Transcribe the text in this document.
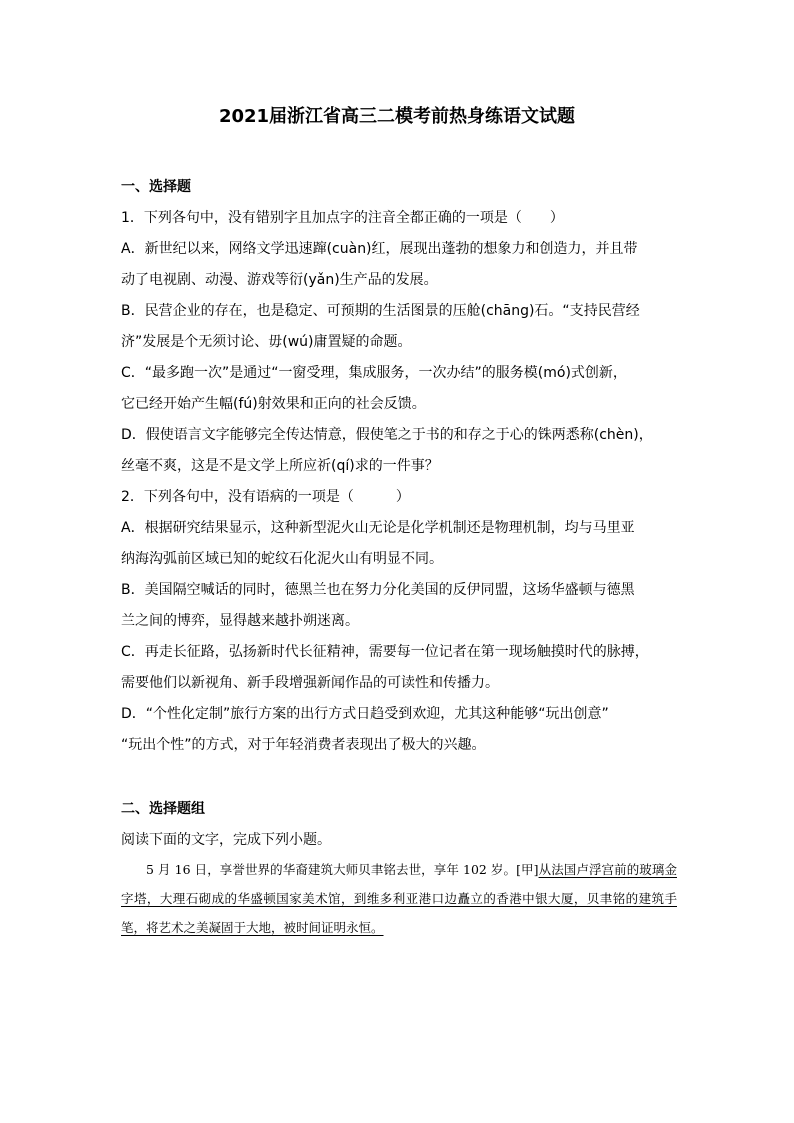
2021届浙江省高三二模考前热身练语文试题
一、选择题
1．下列各句中，没有错别字且加点字的注音全都正确的一项是（　　）
A．新世纪以来，网络文学迅速蹿(cuàn)红，展现出蓬勃的想象力和创造力，并且带
动了电视剧、动漫、游戏等衍(yǎn)生产品的发展。
B．民营企业的存在，也是稳定、可预期的生活图景的压舱(chāng)石。“支持民营经
济”发展是个无须讨论、毋(wú)庸置疑的命题。
C．“最多跑一次”是通过“一窗受理，集成服务，一次办结”的服务模(mó)式创新，
它已经开始产生幅(fú)射效果和正向的社会反馈。
D．假使语言文字能够完全传达情意，假使笔之于书的和存之于心的铢两悉称(chèn)，
丝毫不爽，这是不是文学上所应祈(qí)求的一件事？
2．下列各句中，没有语病的一项是（　　　）
A．根据研究结果显示，这种新型泥火山无论是化学机制还是物理机制，均与马里亚
纳海沟弧前区域已知的蛇纹石化泥火山有明显不同。
B．美国隔空喊话的同时，德黑兰也在努力分化美国的反伊同盟，这场华盛顿与德黑
兰之间的博弈，显得越来越扑朔迷离。
C．再走长征路，弘扬新时代长征精神，需要每一位记者在第一现场触摸时代的脉搏，
需要他们以新视角、新手段增强新闻作品的可读性和传播力。
D．“个性化定制”旅行方案的出行方式日趋受到欢迎，尤其这种能够“玩出创意”
“玩出个性”的方式，对于年轻消费者表现出了极大的兴趣。
二、选择题组
阅读下面的文字，完成下列小题。
5 月 16 日，享誉世界的华裔建筑大师贝聿铭去世，享年 102 岁。[甲]从法国卢浮宫前的玻璃金字塔，大理石砌成的华盛顿国家美术馆，到维多利亚港口边矗立的香港中银大厦，贝聿铭的建筑手笔，将艺术之美凝固于大地，被时间证明永恒。
